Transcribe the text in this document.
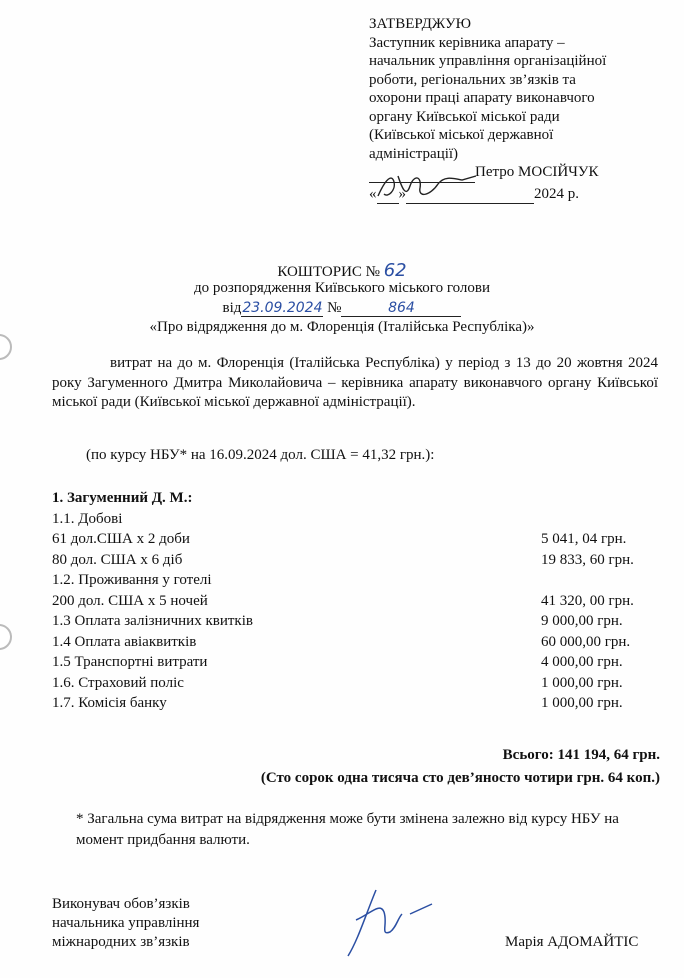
ЗАТВЕРДЖУЮ
Заступник керівника апарату –
начальник управління організаційної
роботи, регіональних зв’язків та
охорони праці апарату виконавчого
органу Київської міської ради
(Київської міської державної
адміністрації)
Петро МОСІЙЧУК
« »	2024 р.
КОШТОРИС № 62
до розпорядження Київського міського голови
від23.09.2024 №	864
«Про відрядження до м. Флоренція (Італійська Республіка)»
витрат на до м. Флоренція (Італійська Республіка) у період з 13 до 20 жовтня 2024 року Загуменного Дмитра Миколайовича – керівника апарату виконавчого органу Київської міської ради (Київської міської державної адміністрації).
(по курсу НБУ* на 16.09.2024 дол. США = 41,32 грн.):
1. Загуменний Д. М.:
1.1. Добові
61 дол.США х 2 доби	5 041, 04 грн.
80 дол. США х 6 діб	19 833, 60 грн.
1.2. Проживання у готелі
200 дол. США х 5 ночей	41 320, 00 грн.
1.3 Оплата залізничних квитків	9 000,00 грн.
1.4 Оплата авіаквитків	60 000,00 грн.
1.5 Транспортні витрати	4 000,00 грн.
1.6. Страховий поліс	1 000,00 грн.
1.7. Комісія банку	1 000,00 грн.
Всього: 141 194, 64 грн.
(Сто сорок одна тисяча сто дев’яносто чотири грн. 64 коп.)
* Загальна сума витрат на відрядження може бути змінена залежно від курсу НБУ на момент придбання валюти.
Виконувач обов’язків
начальника управління
міжнародних зв’язків	Марія АДОМАЙТІС
